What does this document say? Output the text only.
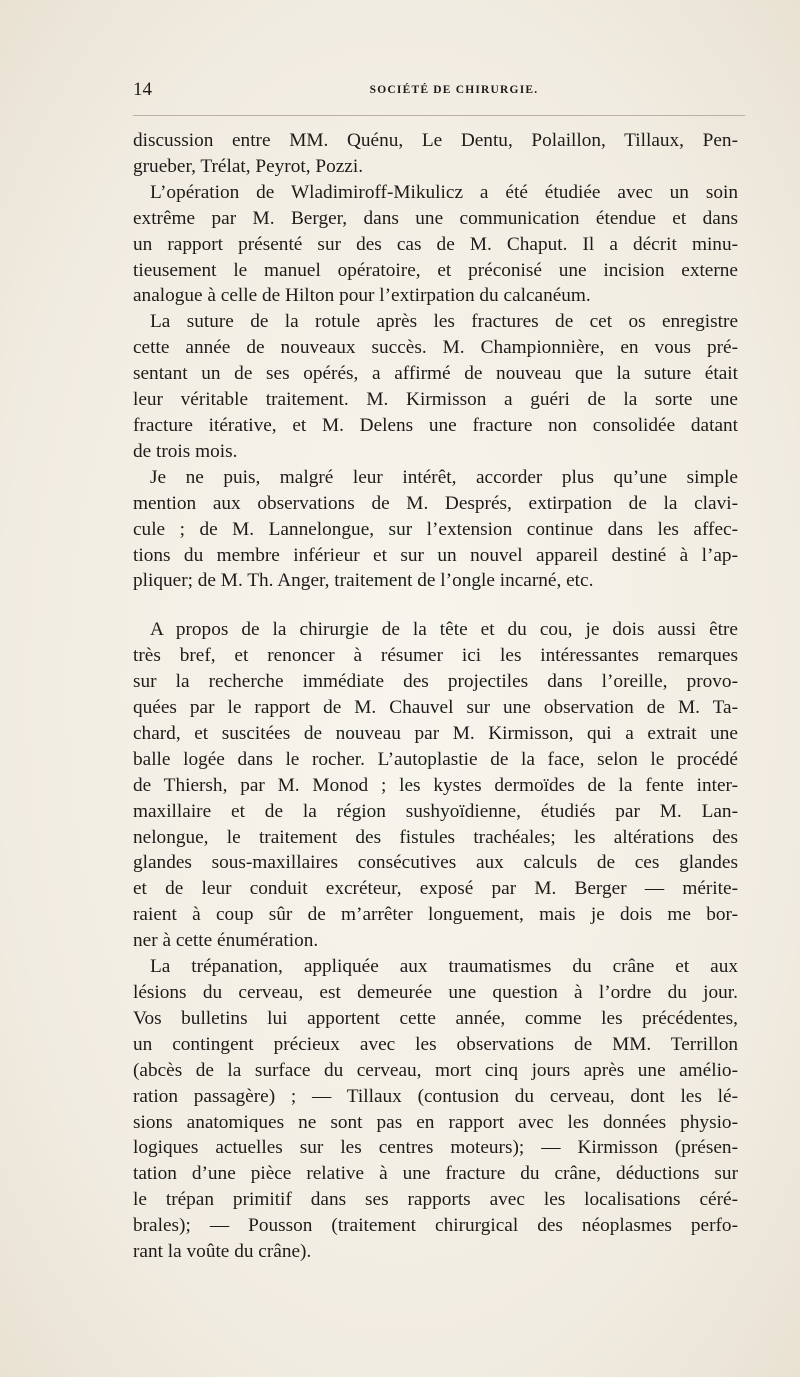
14	SOCIÉTÉ DE CHIRURGIE.

discussion entre MM. Quénu, Le Dentu, Polaillon, Tillaux, Pen-
grueber, Trélat, Peyrot, Pozzi.

L’opération de Wladimiroff-Mikulicz a été étudiée avec un soin
extrême par M. Berger, dans une communication étendue et dans
un rapport présenté sur des cas de M. Chaput. Il a décrit minu-
tieusement le manuel opératoire, et préconisé une incision externe
analogue à celle de Hilton pour l’extirpation du calcanéum.

La suture de la rotule après les fractures de cet os enregistre
cette année de nouveaux succès. M. Championnière, en vous pré-
sentant un de ses opérés, a affirmé de nouveau que la suture était
leur véritable traitement. M. Kirmisson a guéri de la sorte une
fracture itérative, et M. Delens une fracture non consolidée datant
de trois mois.

Je ne puis, malgré leur intérêt, accorder plus qu’une simple
mention aux observations de M. Després, extirpation de la clavi-
cule ; de M. Lannelongue, sur l’extension continue dans les affec-
tions du membre inférieur et sur un nouvel appareil destiné à l’ap-
pliquer; de M. Th. Anger, traitement de l’ongle incarné, etc.

A propos de la chirurgie de la tête et du cou, je dois aussi être
très bref, et renoncer à résumer ici les intéressantes remarques
sur la recherche immédiate des projectiles dans l’oreille, provo-
quées par le rapport de M. Chauvel sur une observation de M. Ta-
chard, et suscitées de nouveau par M. Kirmisson, qui a extrait une
balle logée dans le rocher. L’autoplastie de la face, selon le procédé
de Thiersh, par M. Monod ; les kystes dermoïdes de la fente inter-
maxillaire et de la région sushyoïdienne, étudiés par M. Lan-
nelongue, le traitement des fistules trachéales; les altérations des
glandes sous-maxillaires consécutives aux calculs de ces glandes
et de leur conduit excréteur, exposé par M. Berger — mérite-
raient à coup sûr de m’arrêter longuement, mais je dois me bor-
ner à cette énumération.

La trépanation, appliquée aux traumatismes du crâne et aux
lésions du cerveau, est demeurée une question à l’ordre du jour.
Vos bulletins lui apportent cette année, comme les précédentes,
un contingent précieux avec les observations de MM. Terrillon
(abcès de la surface du cerveau, mort cinq jours après une amélio-
ration passagère) ; — Tillaux (contusion du cerveau, dont les lé-
sions anatomiques ne sont pas en rapport avec les données physio-
logiques actuelles sur les centres moteurs); — Kirmisson (présen-
tation d’une pièce relative à une fracture du crâne, déductions sur
le trépan primitif dans ses rapports avec les localisations céré-
brales); — Pousson (traitement chirurgical des néoplasmes perfo-
rant la voûte du crâne).
